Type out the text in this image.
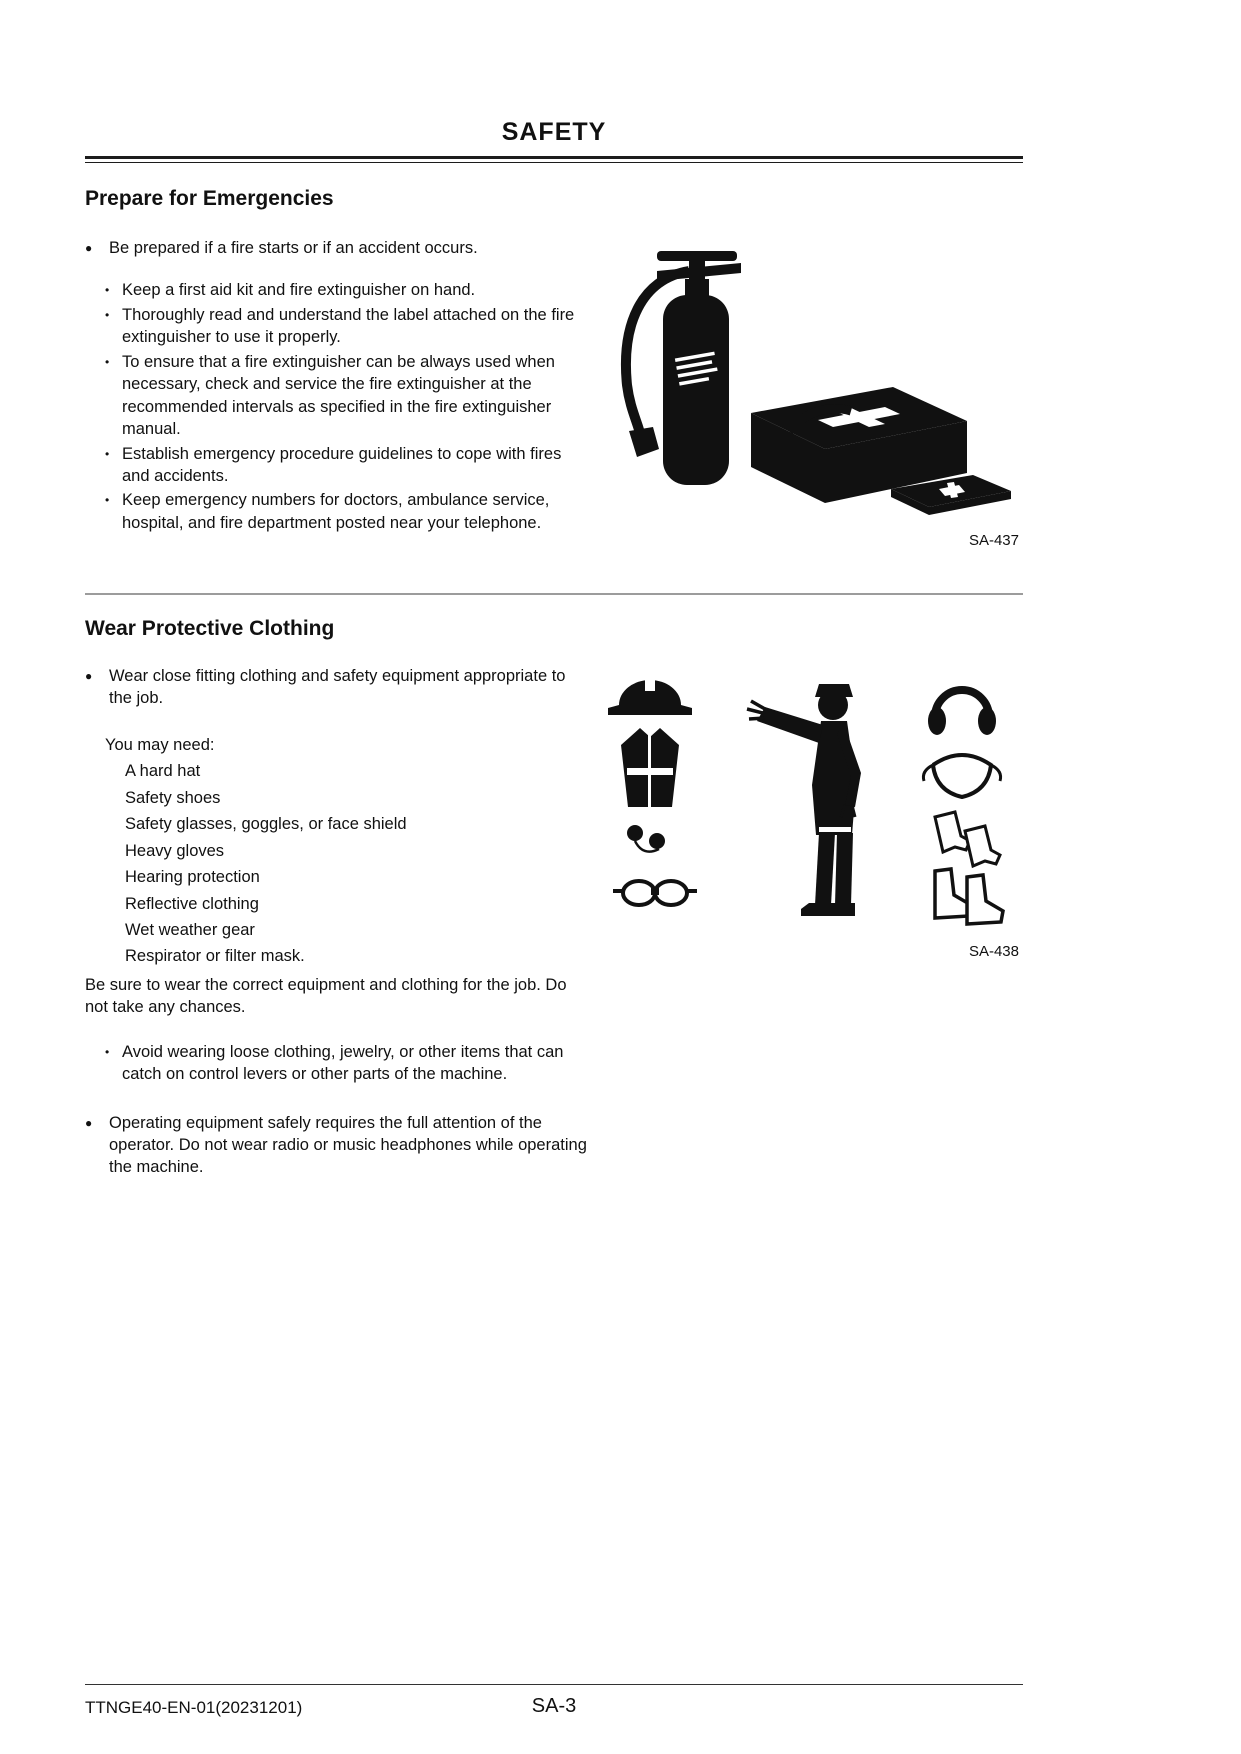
SAFETY
Prepare for Emergencies
●	Be prepared if a fire starts or if an accident occurs.
• Keep a first aid kit and fire extinguisher on hand.
• Thoroughly read and understand the label attached on the fire extinguisher to use it properly.
• To ensure that a fire extinguisher can be always used when necessary, check and service the fire extinguisher at the recommended intervals as specified in the fire extinguisher manual.
• Establish emergency procedure guidelines to cope with fires and accidents.
• Keep emergency numbers for doctors, ambulance service, hospital, and fire department posted near your telephone.
SA-437
Wear Protective Clothing
●	Wear close fitting clothing and safety equipment appropriate to the job.
You may need:
A hard hat
Safety shoes
Safety glasses, goggles, or face shield
Heavy gloves
Hearing protection
Reflective clothing
Wet weather gear
Respirator or filter mask.
Be sure to wear the correct equipment and clothing for the job. Do not take any chances.
• Avoid wearing loose clothing, jewelry, or other items that can catch on control levers or other parts of the machine.
●	Operating equipment safely requires the full attention of the operator. Do not wear radio or music headphones while operating the machine.
SA-438
TTNGE40-EN-01(20231201)	SA-3
